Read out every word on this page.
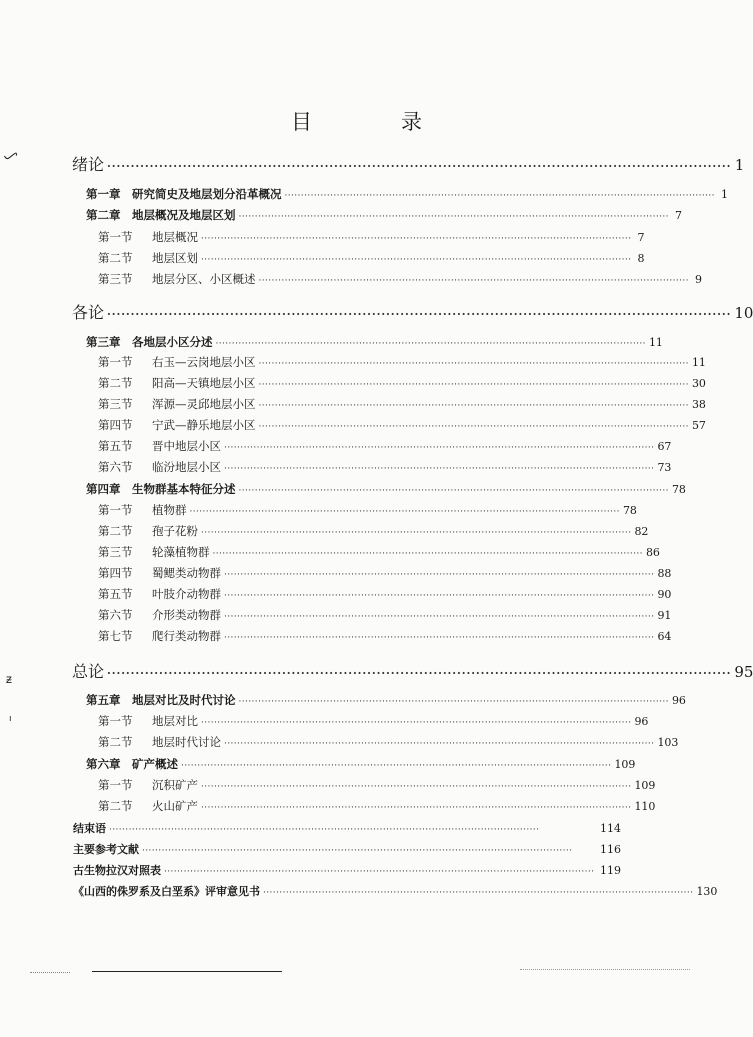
目　录
⟆
ᵶ
ı
绪论 ···································································································································· 1
第一章　 研究简史及地层划分沿革概况 ···································································································································· 1
第二章　 地层概况及地层区划 ···································································································································· 7
第一节 地层概况 ···································································································································· 7
第二节 地层区划 ···································································································································· 8
第三节 地层分区、小区概述 ···································································································································· 9
各论 ···································································································································· 10
第三章　 各地层小区分述 ···································································································································· 11
第一节 右玉—云岗地层小区 ···································································································································· 11
第二节 阳高—天镇地层小区 ···································································································································· 30
第三节 浑源—灵邱地层小区 ···································································································································· 38
第四节 宁武—静乐地层小区 ···································································································································· 57
第五节 晋中地层小区 ···································································································································· 67
第六节 临汾地层小区 ···································································································································· 73
第四章　 生物群基本特征分述 ···································································································································· 78
第一节 植物群 ···································································································································· 78
第二节 孢子花粉 ···································································································································· 82
第三节 轮藻植物群 ···································································································································· 86
第四节 蜀鳃类动物群 ···································································································································· 88
第五节 叶肢介动物群 ···································································································································· 90
第六节 介形类动物群 ···································································································································· 91
第七节 爬行类动物群 ···································································································································· 64
总论 ···································································································································· 95
第五章　 地层对比及时代讨论 ···································································································································· 96
第一节 地层对比 ···································································································································· 96
第二节 地层时代讨论 ···································································································································· 103
第六章　 矿产概述 ···································································································································· 109
第一节 沉积矿产 ···································································································································· 109
第二节 火山矿产 ···································································································································· 110
结束语 ····································································································································	114
主要参考文献 ····································································································································	116
古生物拉汉对照表 ···································································································································· 119
《山西的侏罗系及白垩系》评审意见书 ···································································································································· 130
